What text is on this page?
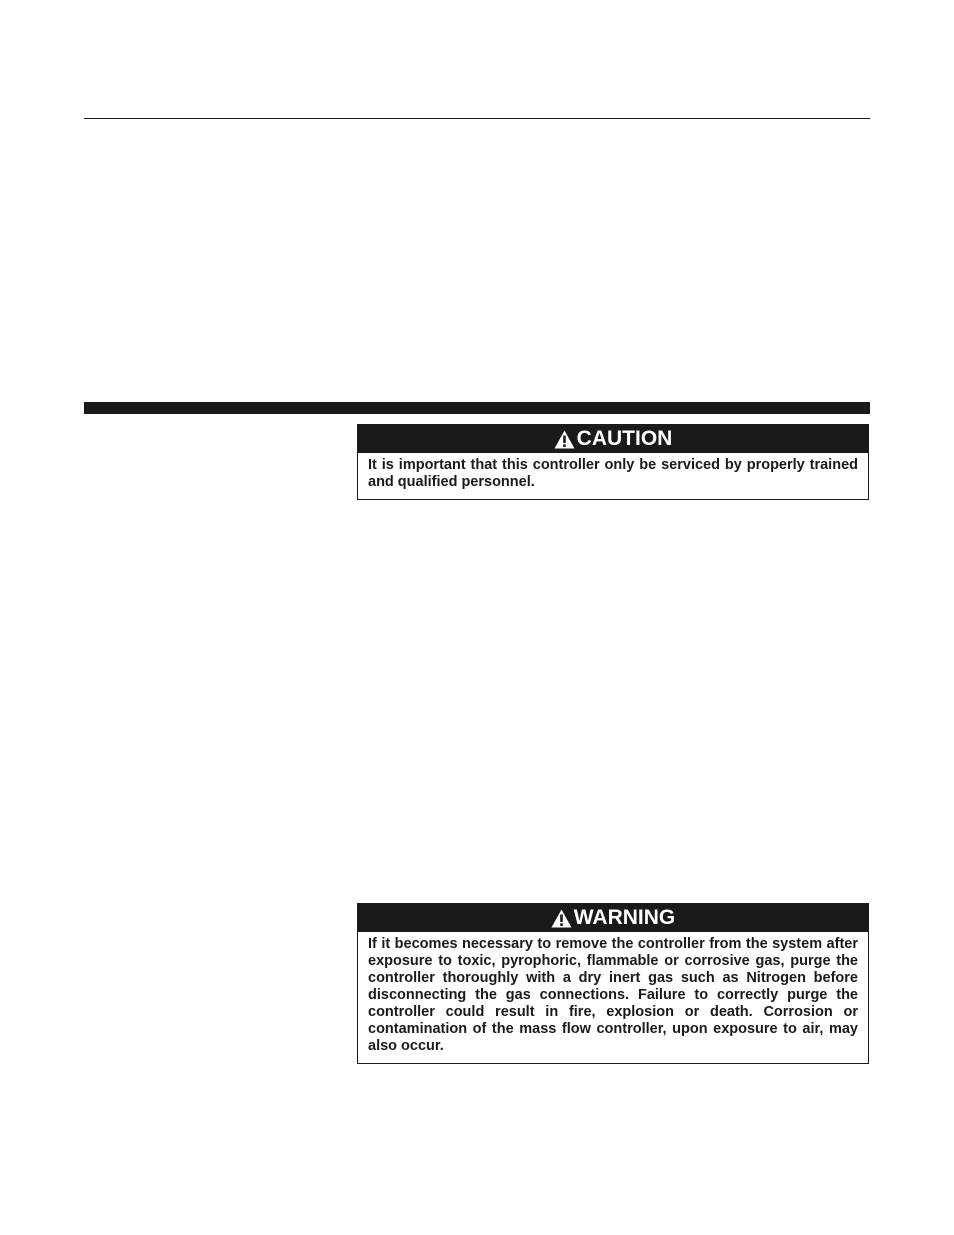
CAUTION
It is important that this controller only be serviced by properly trained and qualified personnel.
WARNING
If it becomes necessary to remove the controller from the system after exposure to toxic, pyrophoric, flammable or corrosive gas, purge the controller thoroughly with a dry inert gas such as Nitrogen before disconnecting the gas connections. Failure to correctly purge the controller could result in fire, explosion or death. Corrosion or contamination of the mass flow controller, upon exposure to air, may also occur.
